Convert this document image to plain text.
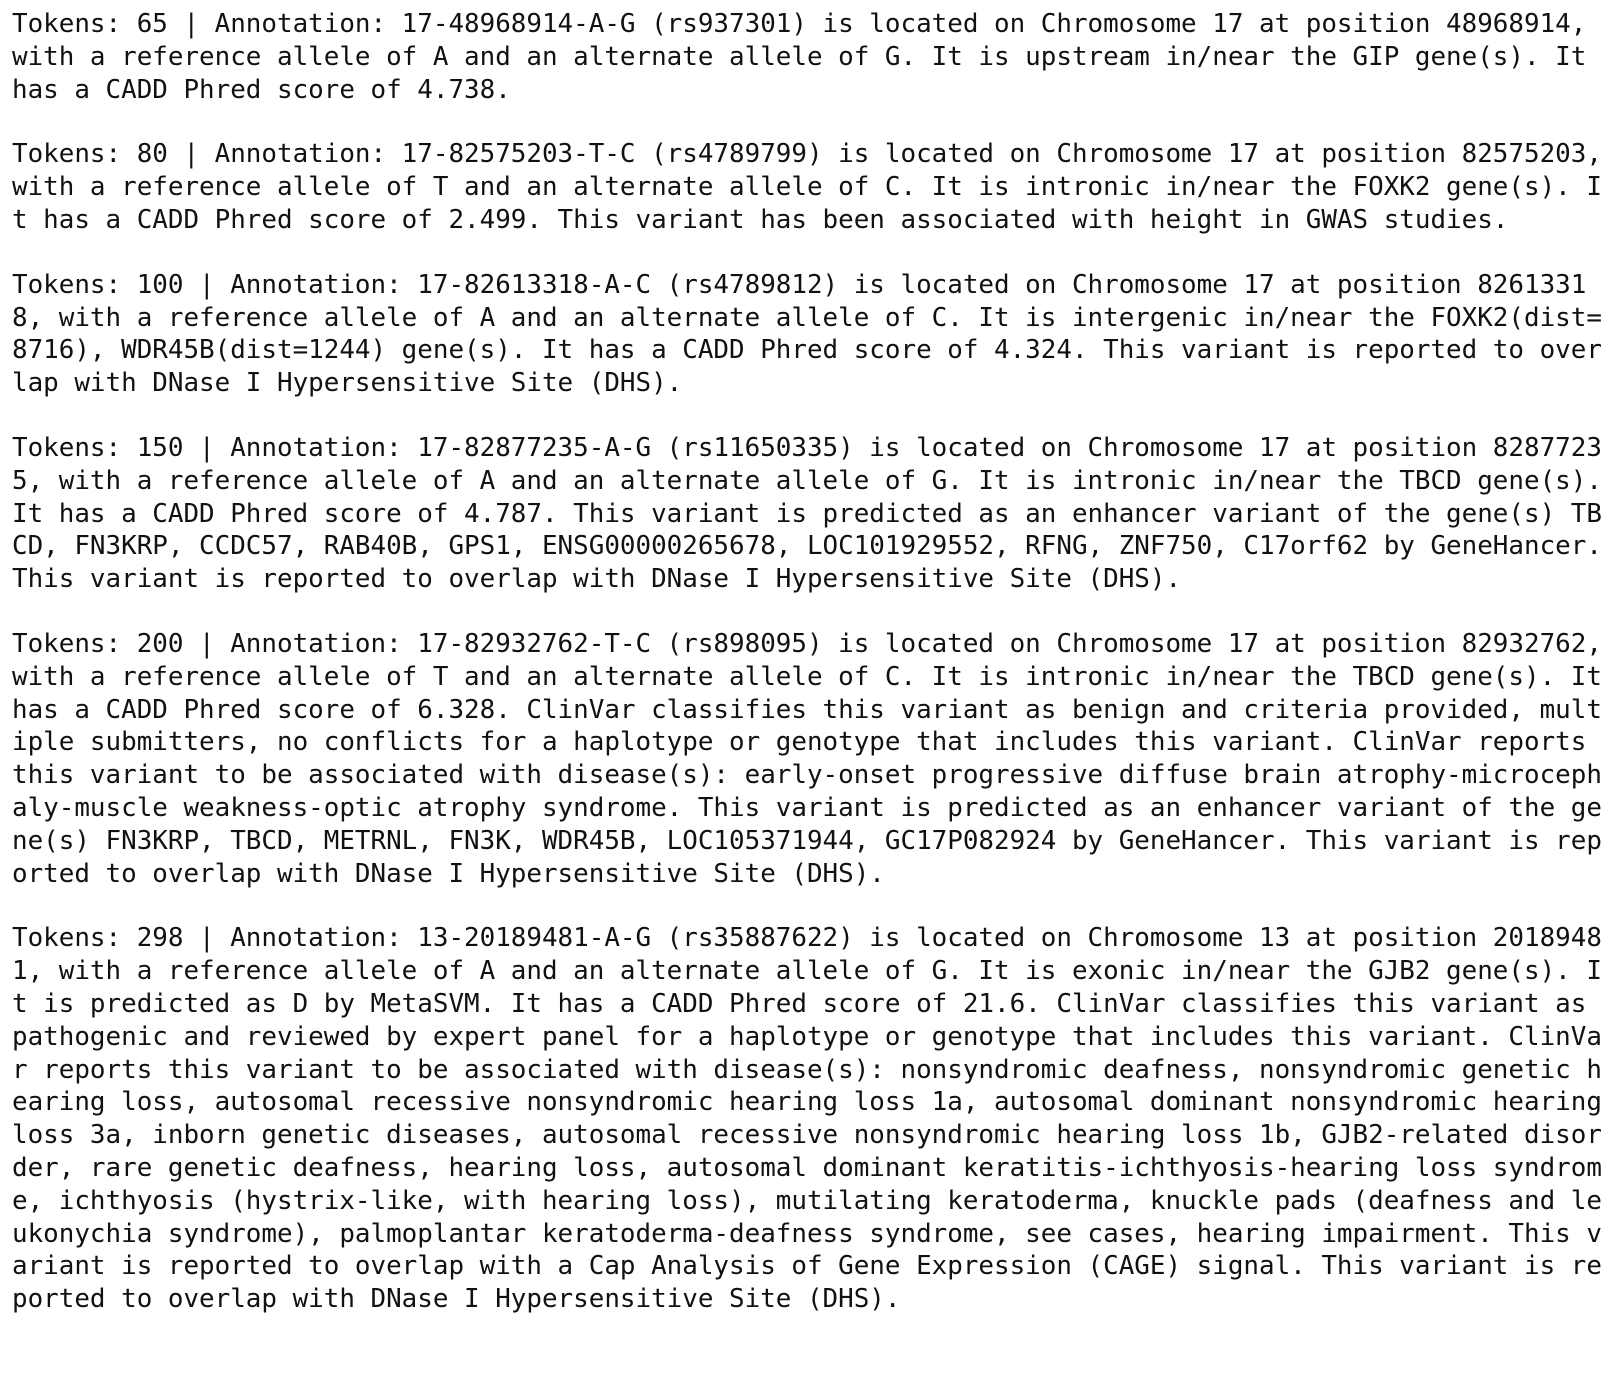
Tokens: 65 | Annotation: 17-48968914-A-G (rs937301) is located on Chromosome 17 at position 48968914,
with a reference allele of A and an alternate allele of G. It is upstream in/near the GIP gene(s). It
has a CADD Phred score of 4.738.
Tokens: 80 | Annotation: 17-82575203-T-C (rs4789799) is located on Chromosome 17 at position 82575203,
with a reference allele of T and an alternate allele of C. It is intronic in/near the FOXK2 gene(s). I
t has a CADD Phred score of 2.499. This variant has been associated with height in GWAS studies.
Tokens: 100 | Annotation: 17-82613318-A-C (rs4789812) is located on Chromosome 17 at position 8261331
8, with a reference allele of A and an alternate allele of C. It is intergenic in/near the FOXK2(dist=
8716), WDR45B(dist=1244) gene(s). It has a CADD Phred score of 4.324. This variant is reported to over
lap with DNase I Hypersensitive Site (DHS).
Tokens: 150 | Annotation: 17-82877235-A-G (rs11650335) is located on Chromosome 17 at position 8287723
5, with a reference allele of A and an alternate allele of G. It is intronic in/near the TBCD gene(s).
It has a CADD Phred score of 4.787. This variant is predicted as an enhancer variant of the gene(s) TB
CD, FN3KRP, CCDC57, RAB40B, GPS1, ENSG00000265678, LOC101929552, RFNG, ZNF750, C17orf62 by GeneHancer.
This variant is reported to overlap with DNase I Hypersensitive Site (DHS).
Tokens: 200 | Annotation: 17-82932762-T-C (rs898095) is located on Chromosome 17 at position 82932762,
with a reference allele of T and an alternate allele of C. It is intronic in/near the TBCD gene(s). It
has a CADD Phred score of 6.328. ClinVar classifies this variant as benign and criteria provided, mult
iple submitters, no conflicts for a haplotype or genotype that includes this variant. ClinVar reports
this variant to be associated with disease(s): early-onset progressive diffuse brain atrophy-microceph
aly-muscle weakness-optic atrophy syndrome. This variant is predicted as an enhancer variant of the ge
ne(s) FN3KRP, TBCD, METRNL, FN3K, WDR45B, LOC105371944, GC17P082924 by GeneHancer. This variant is rep
orted to overlap with DNase I Hypersensitive Site (DHS).
Tokens: 298 | Annotation: 13-20189481-A-G (rs35887622) is located on Chromosome 13 at position 2018948
1, with a reference allele of A and an alternate allele of G. It is exonic in/near the GJB2 gene(s). I
t is predicted as D by MetaSVM. It has a CADD Phred score of 21.6. ClinVar classifies this variant as
pathogenic and reviewed by expert panel for a haplotype or genotype that includes this variant. ClinVa
r reports this variant to be associated with disease(s): nonsyndromic deafness, nonsyndromic genetic h
earing loss, autosomal recessive nonsyndromic hearing loss 1a, autosomal dominant nonsyndromic hearing
loss 3a, inborn genetic diseases, autosomal recessive nonsyndromic hearing loss 1b, GJB2-related disor
der, rare genetic deafness, hearing loss, autosomal dominant keratitis-ichthyosis-hearing loss syndrom
e, ichthyosis (hystrix-like, with hearing loss), mutilating keratoderma, knuckle pads (deafness and le
ukonychia syndrome), palmoplantar keratoderma-deafness syndrome, see cases, hearing impairment. This v
ariant is reported to overlap with a Cap Analysis of Gene Expression (CAGE) signal. This variant is re
ported to overlap with DNase I Hypersensitive Site (DHS).
